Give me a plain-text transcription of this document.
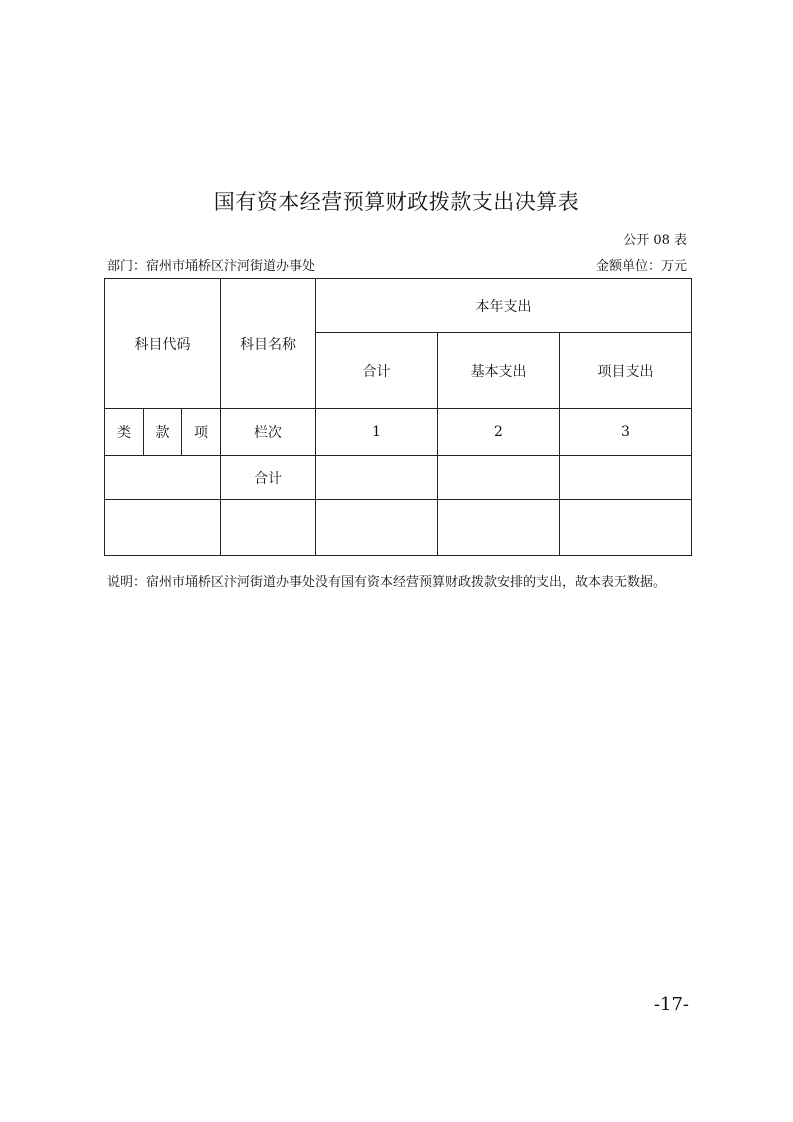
国有资本经营预算财政拨款支出决算表
公开 08 表
部门：宿州市埇桥区汴河街道办事处	金额单位：万元
科目代码			科目名称	本年支出		
				合计	基本支出	项目支出
类	款	项	栏次	1	2	3
			合计			

说明：宿州市埇桥区汴河街道办事处没有国有资本经营预算财政拨款安排的支出，故本表无数据。
-17-
